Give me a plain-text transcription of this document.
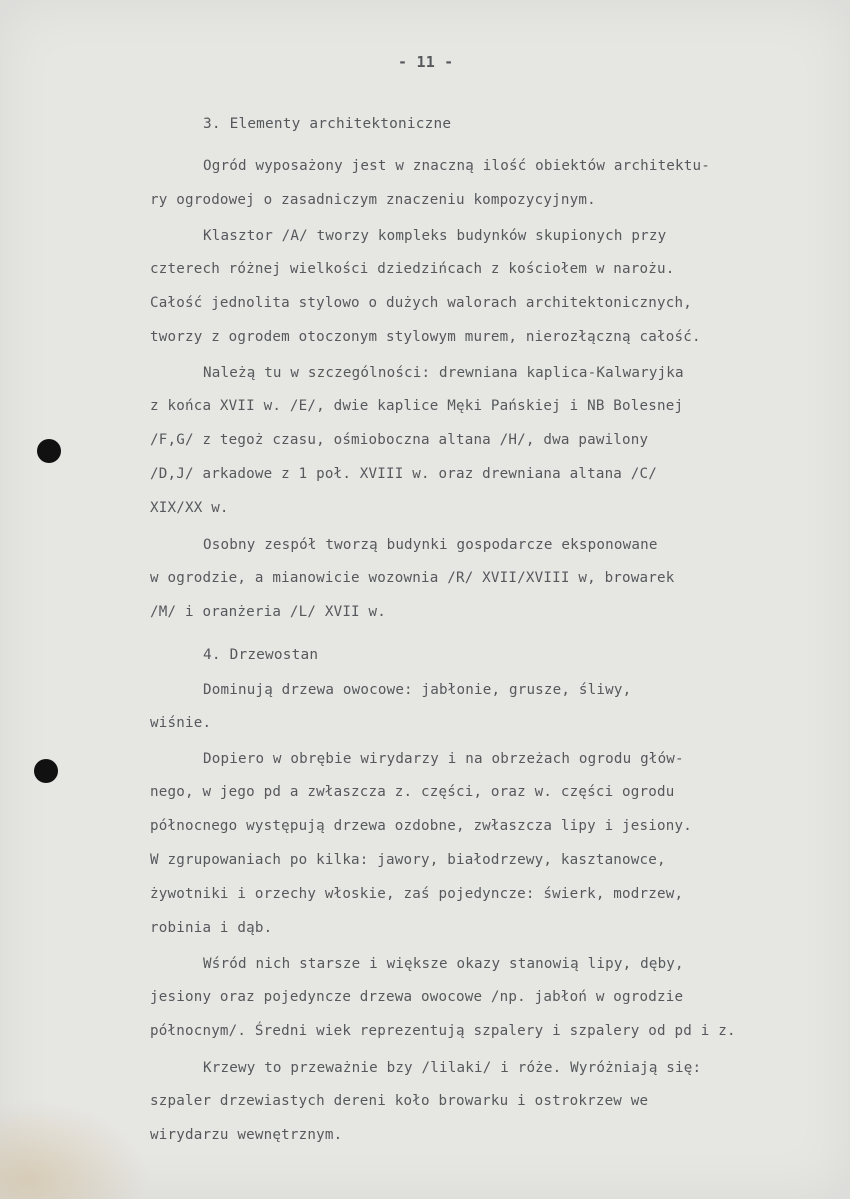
- 11 -
3. Elementy architektoniczne
Ogród wyposażony jest w znaczną ilość obiektów architektu-
ry ogrodowej o zasadniczym znaczeniu kompozycyjnym.
Klasztor /A/ tworzy kompleks budynków skupionych przy
czterech różnej wielkości dziedzińcach z kościołem w narożu.
Całość jednolita stylowo o dużych walorach architektonicznych,
tworzy z ogrodem otoczonym stylowym murem, nierozłączną całość.
Należą tu w szczególności: drewniana kaplica-Kalwaryjka
z końca XVII w. /E/, dwie kaplice Męki Pańskiej i NB Bolesnej
/F,G/ z tegoż czasu, ośmioboczna altana /H/, dwa pawilony
/D,J/ arkadowe z 1 poł. XVIII w. oraz drewniana altana /C/
XIX/XX w.
Osobny zespół tworzą budynki gospodarcze eksponowane
w ogrodzie, a mianowicie wozownia /R/ XVII/XVIII w, browarek
/M/ i oranżeria /L/ XVII w.
4. Drzewostan
Dominują drzewa owocowe: jabłonie, grusze, śliwy,
wiśnie.
Dopiero w obrębie wirydarzy i na obrzeżach ogrodu głów-
nego, w jego pd a zwłaszcza z. części, oraz w. części ogrodu
północnego występują drzewa ozdobne, zwłaszcza lipy i jesiony.
W zgrupowaniach po kilka: jawory, białodrzewy, kasztanowce,
żywotniki i orzechy włoskie, zaś pojedyncze: świerk, modrzew,
robinia i dąb.
Wśród nich starsze i większe okazy stanowią lipy, dęby,
jesiony oraz pojedyncze drzewa owocowe /np. jabłoń w ogrodzie
północnym/. Średni wiek reprezentują szpalery i szpalery od pd i z.
Krzewy to przeważnie bzy /lilaki/ i róże. Wyróżniają się:
szpaler drzewiastych dereni koło browarku i ostrokrzew we
wirydarzu wewnętrznym.
